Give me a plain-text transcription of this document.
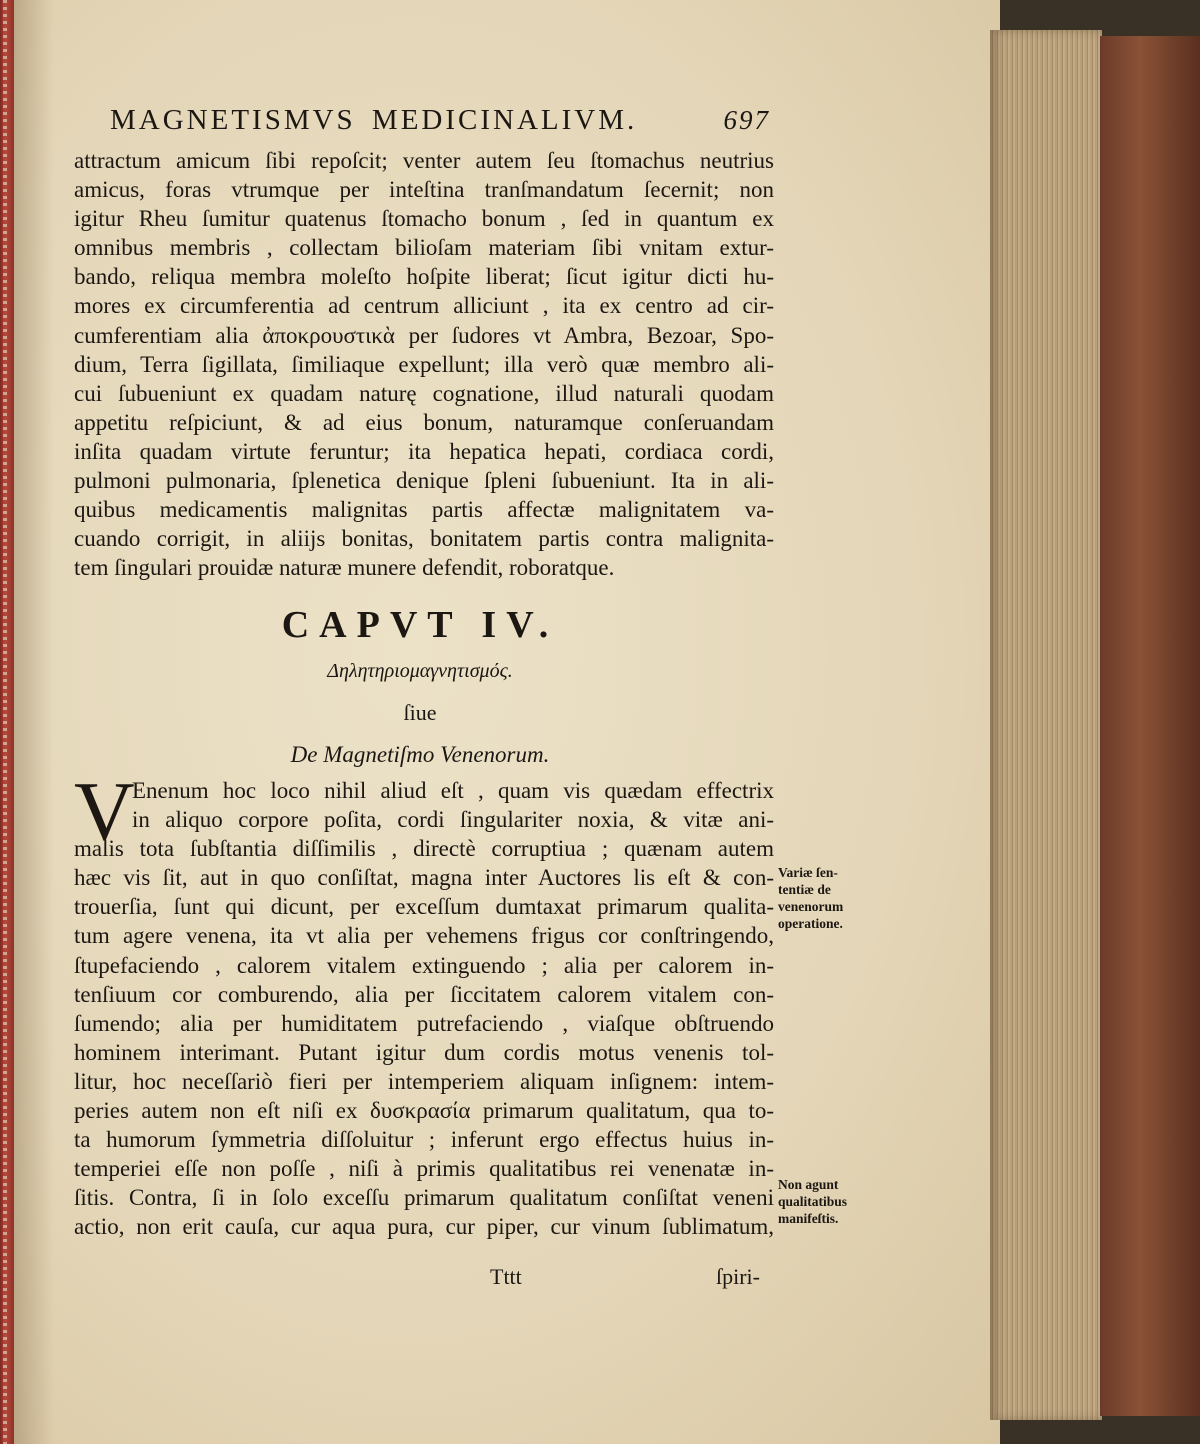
MAGNETISMVS MEDICINALIVM.	697
attractum amicum ſibi repoſcit; venter autem ſeu ſtomachus neutrius
amicus, foras vtrumque per inteſtina tranſmandatum ſecernit; non
igitur Rheu ſumitur quatenus ſtomacho bonum , ſed in quantum ex
omnibus membris , collectam bilioſam materiam ſibi vnitam extur-
bando, reliqua membra moleſto hoſpite liberat; ſicut igitur dicti hu-
mores ex circumferentia ad centrum alliciunt , ita ex centro ad cir-
cumferentiam alia ἀποκρουστικὰ per ſudores vt Ambra, Bezoar, Spo-
dium, Terra ſigillata, ſimiliaque expellunt; illa verò quæ membro ali-
cui ſubueniunt ex quadam naturę cognatione, illud naturali quodam
appetitu reſpiciunt, & ad eius bonum, naturamque conſeruandam
inſita quadam virtute feruntur; ita hepatica hepati, cordiaca cordi,
pulmoni pulmonaria, ſplenetica denique ſpleni ſubueniunt. Ita in ali-
quibus medicamentis malignitas partis affectæ malignitatem va-
cuando corrigit, in aliijs bonitas, bonitatem partis contra malignita-
tem ſingulari prouidæ naturæ munere defendit, roboratque.
CAPVT IV.
Δηλητηριομαγνητισμός.
ſiue
De Magnetiſmo Venenorum.
V
Enenum hoc loco nihil aliud eſt , quam vis quædam effectrix
in aliquo corpore poſita, cordi ſingulariter noxia, & vitæ ani-
malis tota ſubſtantia diſſimilis , directè corruptiua ; quænam autem
hæc vis ſit, aut in quo conſiſtat, magna inter Auctores lis eſt & con-
trouerſia, ſunt qui dicunt, per exceſſum dumtaxat primarum qualita-
tum agere venena, ita vt alia per vehemens frigus cor conſtringendo,
ſtupefaciendo , calorem vitalem extinguendo ; alia per calorem in-
tenſiuum cor comburendo, alia per ſiccitatem calorem vitalem con-
ſumendo; alia per humiditatem putrefaciendo , viaſque obſtruendo
hominem interimant. Putant igitur dum cordis motus venenis tol-
litur, hoc neceſſariò fieri per intemperiem aliquam inſignem: intem-
peries autem non eſt niſi ex δυσκρασία primarum qualitatum, qua to-
ta humorum ſymmetria diſſoluitur ; inferunt ergo effectus huius in-
temperiei eſſe non poſſe , niſi à primis qualitatibus rei venenatæ in-
ſitis. Contra, ſi in ſolo exceſſu primarum qualitatum conſiſtat veneni
actio, non erit cauſa, cur aqua pura, cur piper, cur vinum ſublimatum,
Variæ ſen-
tentiæ de
venenorum
operatione.
Non agunt
qualitatibus
manifeſtis.
Tttt	ſpiri-
